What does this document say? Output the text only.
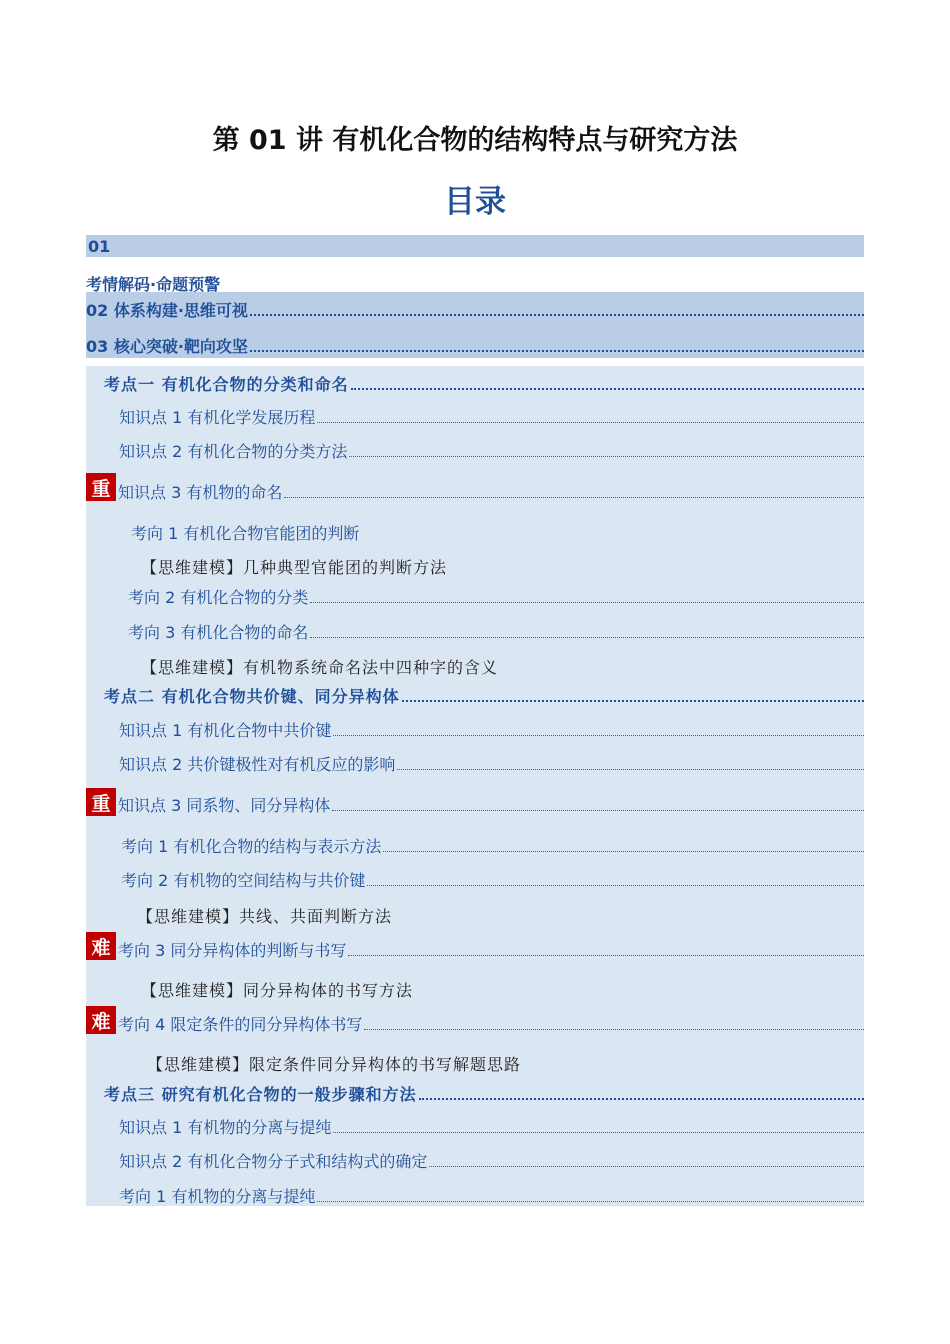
第 01 讲 有机化合物的结构特点与研究方法
目录
01
考情解码·命题预警
02 体系构建·思维可视
03 核心突破·靶向攻坚
考点一 有机化合物的分类和命名
知识点 1 有机化学发展历程
知识点 2 有机化合物的分类方法
重 知识点 3 有机物的命名
考向 1 有机化合物官能团的判断
【思维建模】几种典型官能团的判断方法
考向 2 有机化合物的分类
考向 3 有机化合物的命名
【思维建模】有机物系统命名法中四种字的含义
考点二 有机化合物共价键、同分异构体
知识点 1 有机化合物中共价键
知识点 2 共价键极性对有机反应的影响
重 知识点 3 同系物、同分异构体
考向 1 有机化合物的结构与表示方法
考向 2 有机物的空间结构与共价键
【思维建模】共线、共面判断方法
难 考向 3 同分异构体的判断与书写
【思维建模】同分异构体的书写方法
难 考向 4 限定条件的同分异构体书写
【思维建模】限定条件同分异构体的书写解题思路
考点三 研究有机化合物的一般步骤和方法
知识点 1 有机物的分离与提纯
知识点 2 有机化合物分子式和结构式的确定
考向 1 有机物的分离与提纯
